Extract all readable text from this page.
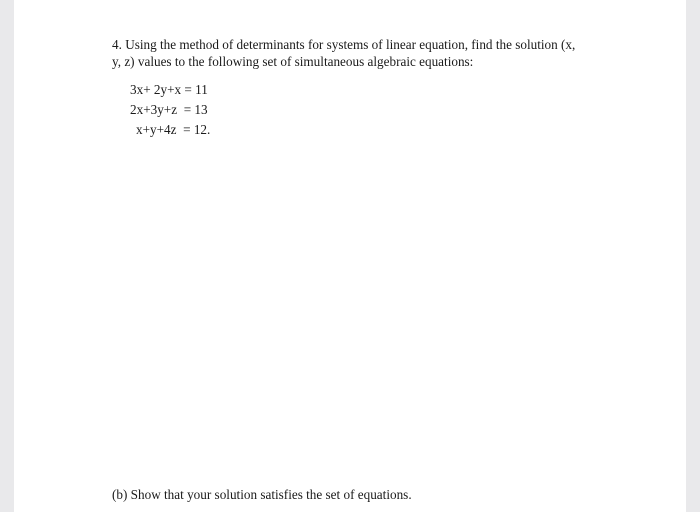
4. Using the method of determinants for systems of linear equation, find the solution (x,
y, z) values to the following set of simultaneous algebraic equations:
3x+ 2y+x = 11
2x+3y+z  = 13
x+y+4z  = 12.
(b) Show that your solution satisfies the set of equations.
